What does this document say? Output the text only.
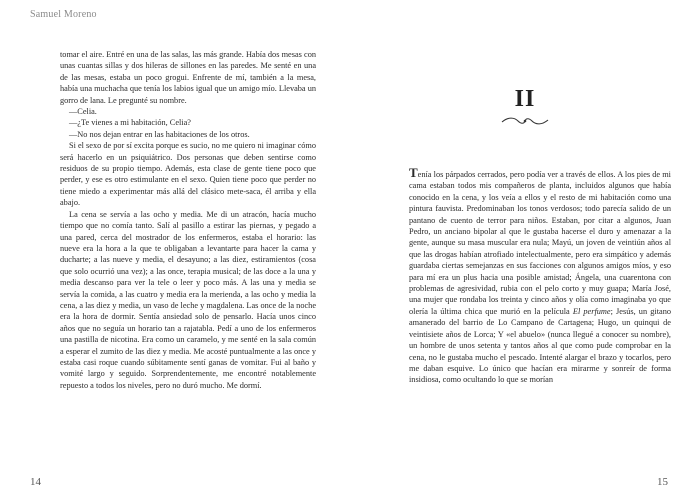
Samuel Moreno

tomar el aire. Entré en una de las salas, las más grande. Había dos mesas con unas cuantas sillas y dos hileras de sillones en las paredes. Me senté en una de las mesas, estaba un poco grogui. Enfrente de mí, también a la mesa, había una muchacha que tenía los labios igual que un amigo mío. Llevaba un gorro de lana. Le pregunté su nombre.

—Celia.

—¿Te vienes a mi habitación, Celia?

—No nos dejan entrar en las habitaciones de los otros.

Si el sexo de por sí excita porque es sucio, no me quiero ni imaginar cómo será hacerlo en un psiquiátrico. Dos personas que deben sentirse como residuos de su propio tiempo. Además, esta clase de gente tiene poco que perder, y ese es otro estimulante en el sexo. Quien tiene poco que perder no tiene miedo a experimentar más allá del clásico mete-saca, él arriba y ella abajo.

La cena se servía a las ocho y media. Me di un atracón, hacía mucho tiempo que no comía tanto. Salí al pasillo a estirar las piernas, y pegado a una pared, cerca del mostrador de los enfermeros, estaba el horario: las nueve era la hora a la que te obligaban a levantarte para hacer la cama y ducharte; a las nueve y media, el desayuno; a las diez, estiramientos (cosa que solo ocurrió una vez); a las once, terapia musical; de las doce a la una y media descanso para ver la tele o leer y poco más. A las una y media se servía la comida, a las cuatro y media era la merienda, a las ocho y media la cena, a las diez y media, un vaso de leche y magdalena. Las once de la noche era la hora de dormir. Sentía ansiedad solo de pensarlo. Hacía unos cinco años que no seguía un horario tan a rajatabla. Pedí a uno de los enfermeros una pastilla de nicotina. Era como un caramelo, y me senté en la sala común a esperar el zumito de las diez y media. Me acosté puntualmente a las once y estaba casi roque cuando súbitamente sentí ganas de vomitar. Fui al baño y vomité largo y seguido. Sorprendentemente, me encontré notablemente repuesto a todos los niveles, pero no duró mucho. Me dormí.

14
II

Tenía los párpados cerrados, pero podía ver a través de ellos. A los pies de mi cama estaban todos mis compañeros de planta, incluidos algunos que había conocido en la cena, y los veía a ellos y el resto de mi habitación como una pintura fauvista. Predominaban los tonos verdosos; todo parecía salido de un pantano de cuento de terror para niños. Estaban, por citar a algunos, Juan Pedro, un anciano bipolar al que le gustaba hacerse el duro y amenazar a la gente, aunque su masa muscular era nula; Mayú, un joven de veintiún años al que las drogas habían atrofiado intelectualmente, pero era simpático y además guardaba ciertas semejanzas en sus facciones con algunos amigos míos, y eso para mí era un plus hacia una posible amistad; Ángela, una cuarentona con problemas de agresividad, rubia con el pelo corto y muy guapa; María José, una mujer que rondaba los treinta y cinco años y olía como imaginaba yo que olería la última chica que murió en la película El perfume; Jesús, un gitano amanerado del barrio de Lo Campano de Cartagena; Hugo, un quinqui de veintisiete años de Lorca; Y «el abuelo» (nunca llegué a conocer su nombre), un hombre de unos setenta y tantos años al que como pude comprobar en la cena, no le gustaba mucho el pescado. Intenté alargar el brazo y tocarlos, pero me daban esquive. Lo único que hacían era mirarme y sonreír de forma insidiosa, como ocultando lo que se morían

15
